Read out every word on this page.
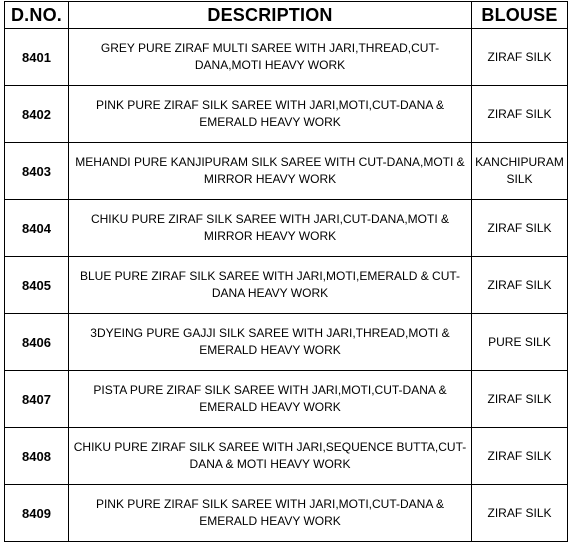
D.NO.	DESCRIPTION	BLOUSE
8401	GREY PURE ZIRAF MULTI SAREE WITH JARI,THREAD,CUT-DANA,MOTI HEAVY WORK	ZIRAF SILK
8402	PINK PURE ZIRAF SILK SAREE WITH JARI,MOTI,CUT-DANA & EMERALD HEAVY WORK	ZIRAF SILK
8403	MEHANDI PURE KANJIPURAM SILK SAREE WITH CUT-DANA,MOTI & MIRROR HEAVY WORK	KANCHIPURAM SILK
8404	CHIKU PURE ZIRAF SILK SAREE WITH JARI,CUT-DANA,MOTI & MIRROR HEAVY WORK	ZIRAF SILK
8405	BLUE PURE ZIRAF SILK SAREE WITH JARI,MOTI,EMERALD & CUT-DANA HEAVY WORK	ZIRAF SILK
8406	3DYEING PURE GAJJI SILK SAREE WITH JARI,THREAD,MOTI & EMERALD HEAVY WORK	PURE SILK
8407	PISTA PURE ZIRAF SILK SAREE WITH JARI,MOTI,CUT-DANA & EMERALD HEAVY WORK	ZIRAF SILK
8408	CHIKU PURE ZIRAF SILK SAREE WITH JARI,SEQUENCE BUTTA,CUT-DANA & MOTI HEAVY WORK	ZIRAF SILK
8409	PINK PURE ZIRAF SILK SAREE WITH JARI,MOTI,CUT-DANA & EMERALD HEAVY WORK	ZIRAF SILK
